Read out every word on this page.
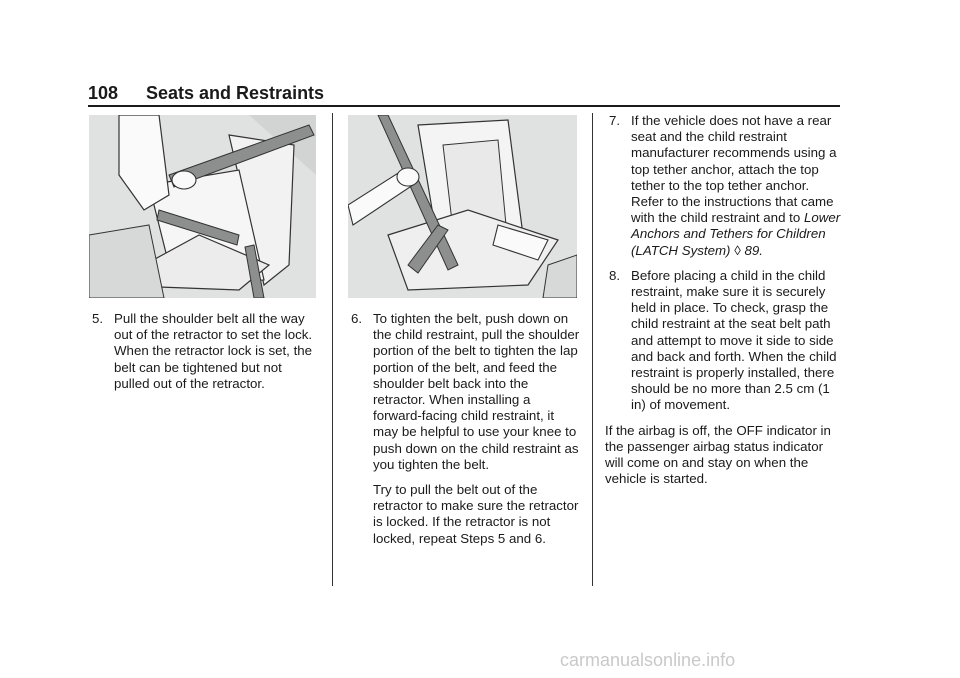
108 Seats and Restraints
5. Pull the shoulder belt all the way out of the retractor to set the lock. When the retractor lock is set, the belt can be tightened but not pulled out of the retractor.

6. To tighten the belt, push down on the child restraint, pull the shoulder portion of the belt to tighten the lap portion of the belt, and feed the shoulder belt back into the retractor. When installing a forward-facing child restraint, it may be helpful to use your knee to push down on the child restraint as you tighten the belt.

Try to pull the belt out of the retractor to make sure the retractor is locked. If the retractor is not locked, repeat Steps 5 and 6.

7. If the vehicle does not have a rear seat and the child restraint manufacturer recommends using a top tether anchor, attach the top tether to the top tether anchor. Refer to the instructions that came with the child restraint and to Lower Anchors and Tethers for Children (LATCH System) ◊ 89.

8. Before placing a child in the child restraint, make sure it is securely held in place. To check, grasp the child restraint at the seat belt path and attempt to move it side to side and back and forth. When the child restraint is properly installed, there should be no more than 2.5 cm (1 in) of movement.

If the airbag is off, the OFF indicator in the passenger airbag status indicator will come on and stay on when the vehicle is started.

carmanualsonline.info
